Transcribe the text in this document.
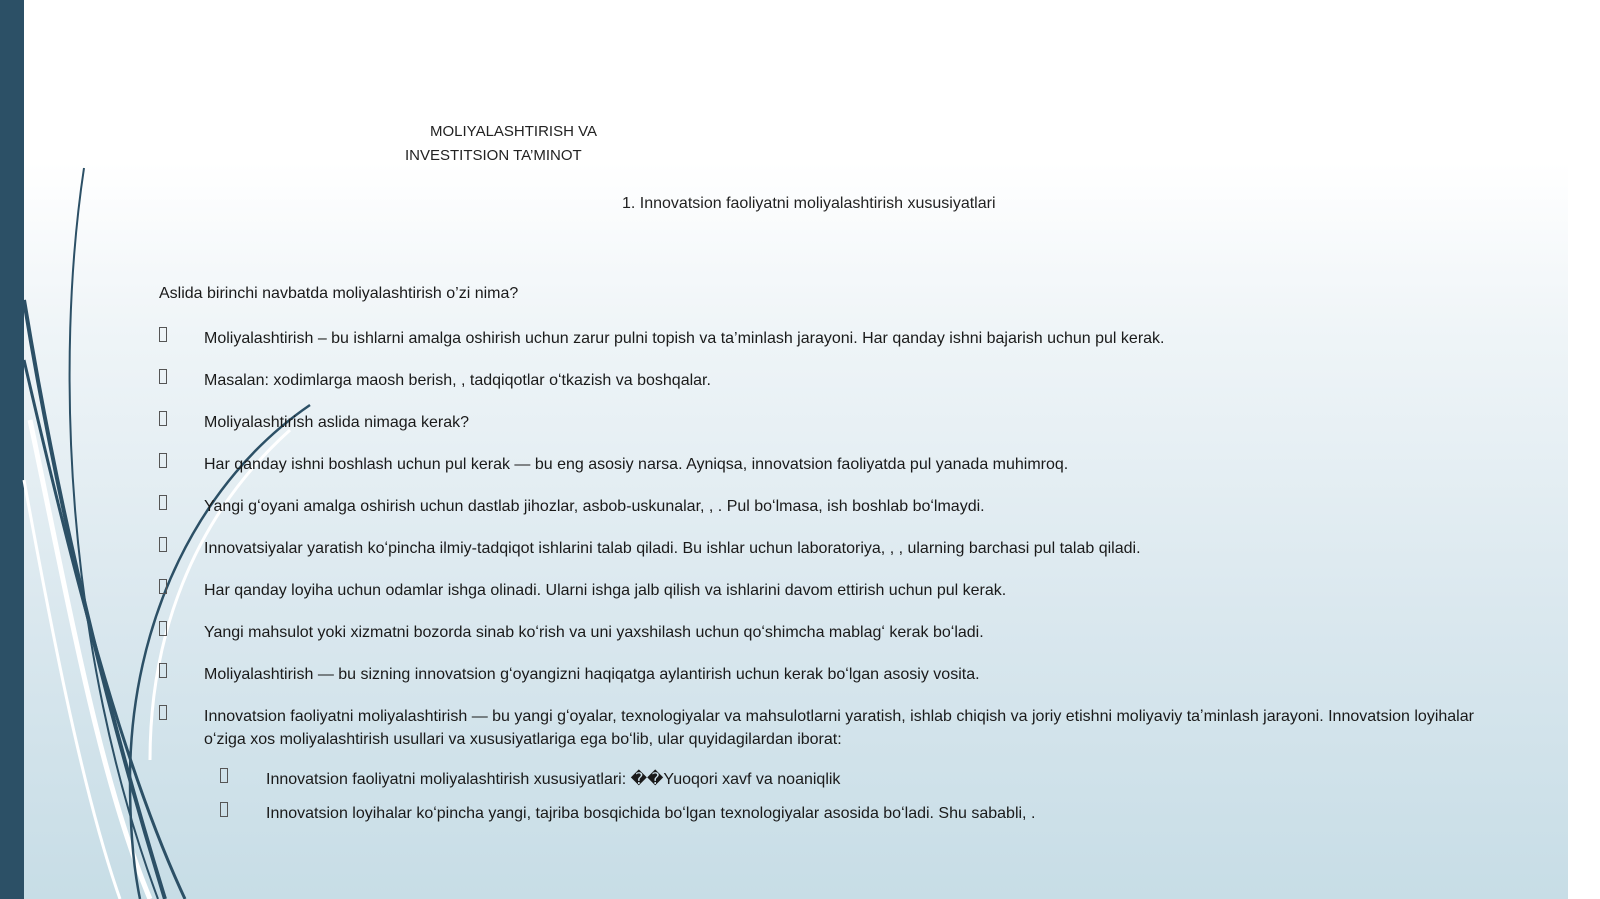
MOLIYALASHTIRISH VA
INVESTITSION TA’MINOT
1. Innovatsion faoliyatni moliyalashtirish xususiyatlari
Aslida birinchi navbatda moliyalashtirish o’zi nima?
Moliyalashtirish – bu ishlarni amalga oshirish uchun zarur pulni topish va ta’minlash jarayoni. Har qanday ishni bajarish uchun pul kerak.
Masalan: xodimlarga maosh berish, , tadqiqotlar oʻtkazish va boshqalar.
Moliyalashtirish aslida nimaga kerak?
Har qanday ishni boshlash uchun pul kerak — bu eng asosiy narsa. Ayniqsa, innovatsion faoliyatda pul yanada muhimroq.
Yangi gʻoyani amalga oshirish uchun dastlab jihozlar, asbob-uskunalar, , . Pul boʻlmasa, ish boshlab boʻlmaydi.
Innovatsiyalar yaratish koʻpincha ilmiy-tadqiqot ishlarini talab qiladi. Bu ishlar uchun laboratoriya, , , ularning barchasi pul talab qiladi.
Har qanday loyiha uchun odamlar ishga olinadi. Ularni ishga jalb qilish va ishlarini davom ettirish uchun pul kerak.
Yangi mahsulot yoki xizmatni bozorda sinab koʻrish va uni yaxshilash uchun qoʻshimcha mablagʻ kerak boʻladi.
Moliyalashtirish — bu sizning innovatsion gʻoyangizni haqiqatga aylantirish uchun kerak boʻlgan asosiy vosita.
Innovatsion faoliyatni moliyalashtirish — bu yangi gʻoyalar, texnologiyalar va mahsulotlarni yaratish, ishlab chiqish va joriy etishni moliyaviy taʼminlash jarayoni. Innovatsion loyihalar oʻziga xos moliyalashtirish usullari va xususiyatlariga ega boʻlib, ular quyidagilardan iborat:
Innovatsion faoliyatni moliyalashtirish xususiyatlari: ��Yuoqori xavf va noaniqlik
Innovatsion loyihalar koʻpincha yangi, tajriba bosqichida boʻlgan texnologiyalar asosida boʻladi. Shu sababli, .
